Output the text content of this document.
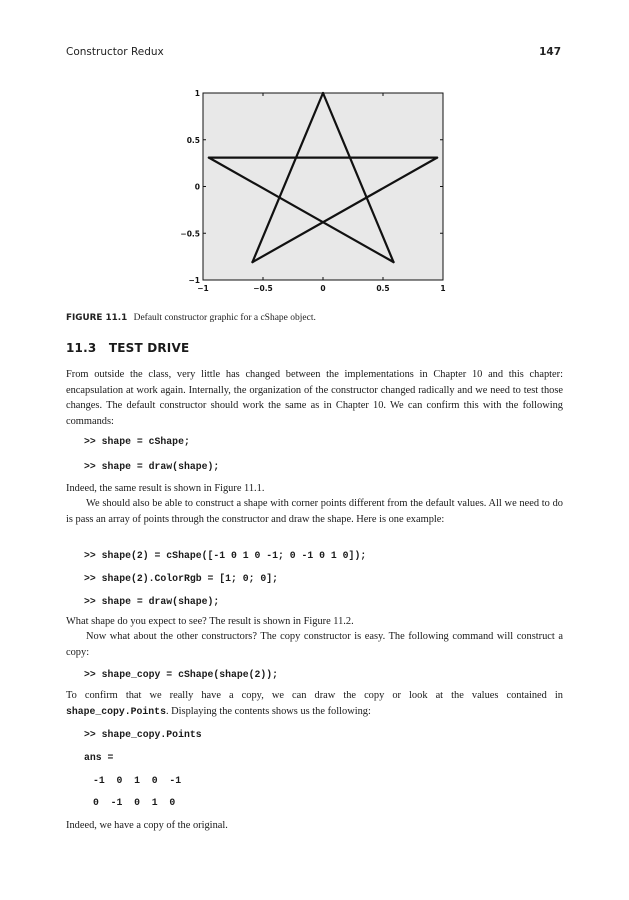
Constructor Redux	147
−1	−0.5	0	0.5	1
1
0.5
0
−0.5
−1
FIGURE 11.1 Default constructor graphic for a cShape object.
11.3 TEST DRIVE

From outside the class, very little has changed between the implementations in Chapter 10 and this chapter: encapsulation at work again. Internally, the organization of the constructor changed radically and we need to test those changes. The default constructor should work the same as in Chapter 10. We can confirm this with the following commands:

>> shape = cShape;
>> shape = draw(shape);

Indeed, the same result is shown in Figure 11.1.

We should also be able to construct a shape with corner points different from the default values. All we need to do is pass an array of points through the constructor and draw the shape. Here is one example:

>> shape(2) = cShape([-1 0 1 0 -1; 0 -1 0 1 0]);
>> shape(2).ColorRgb = [1; 0; 0];
>> shape = draw(shape);

What shape do you expect to see? The result is shown in Figure 11.2.

Now what about the other constructors? The copy constructor is easy. The following command will construct a copy:

>> shape_copy = cShape(shape(2));

To confirm that we really have a copy, we can draw the copy or look at the values contained in shape_copy.Points. Displaying the contents shows us the following:

>> shape_copy.Points
ans =
-1  0  1  0  -1
0  -1  0  1  0

Indeed, we have a copy of the original.
